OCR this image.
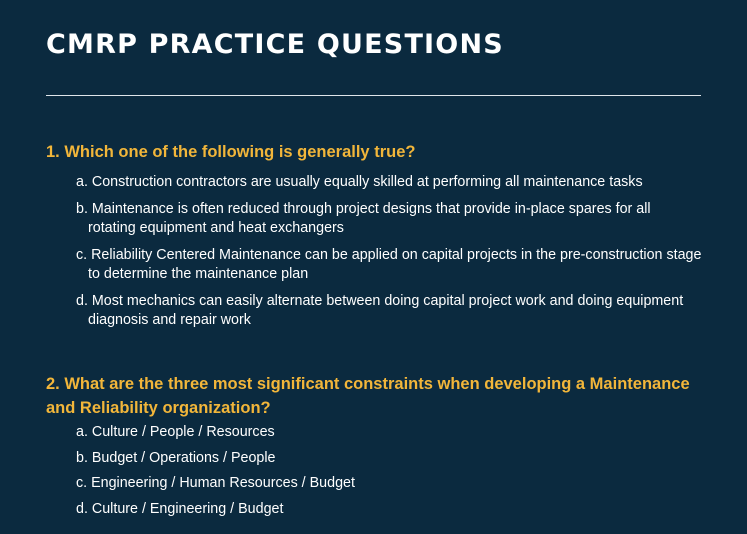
CMRP PRACTICE QUESTIONS

1. Which one of the following is generally true?

a. Construction contractors are usually equally skilled at performing all maintenance tasks
b. Maintenance is often reduced through project designs that provide in-place spares for all rotating equipment and heat exchangers
c. Reliability Centered Maintenance can be applied on capital projects in the pre-construction stage to determine the maintenance plan
d. Most mechanics can easily alternate between doing capital project work and doing equipment diagnosis and repair work

2. What are the three most significant constraints when developing a Maintenance and Reliability organization?

a. Culture / People / Resources
b. Budget / Operations / People
c. Engineering / Human Resources / Budget
d. Culture / Engineering / Budget
